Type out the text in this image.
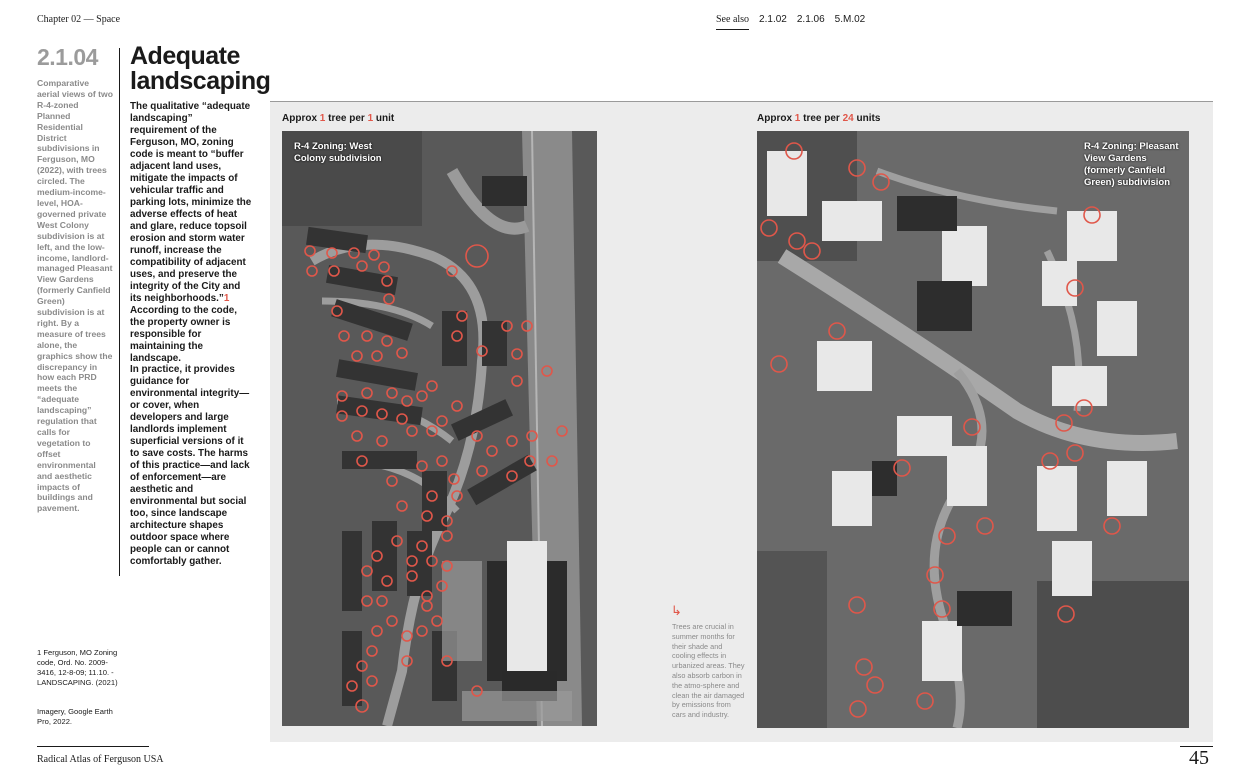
Chapter 02 — Space	See also 2.1.02 2.1.06 5.M.02
2.1.04
Comparative aerial views of two R-4-zoned Planned Residential District subdivisions in Ferguson, MO (2022), with trees circled. The medium-income-level, HOA-governed private West Colony subdivision is at left, and the low-income, landlord-managed Pleasant View Gardens (formerly Canfield Green) subdivision is at right. By a measure of trees alone, the graphics show the discrepancy in how each PRD meets the “adequate landscaping” regulation that calls for vegetation to offset environmental and aesthetic impacts of buildings and pavement.
Adequate landscaping
The qualitative “adequate landscaping” requirement of the Ferguson, MO, zoning code is meant to “buffer adjacent land uses, mitigate the impacts of vehicular traffic and parking lots, minimize the adverse effects of heat and glare, reduce topsoil erosion and storm water runoff, increase the compatibility of adjacent uses, and preserve the integrity of the City and its neighborhoods.”1 According to the code, the property owner is responsible for maintaining the landscape.
In practice, it provides guidance for environmental integrity—or cover, when developers and large landlords implement superficial versions of it to save costs. The harms of this practice—and lack of enforcement—are aesthetic and environmental but social too, since landscape architecture shapes outdoor space where people can or cannot comfortably gather.
1 Ferguson, MO Zoning code, Ord. No. 2009-3416, 12-8-09; 11.10. -LANDSCAPING. (2021)
Imagery, Google Earth Pro, 2022.
Radical Atlas of Ferguson USA	45
Approx 1 tree per 1 unit	Approx 1 tree per 24 units
R-4 Zoning: West Colony subdivision
↳
Trees are crucial in summer months for their shade and cooling effects in urbanized areas. They also absorb carbon in the atmo-sphere and clean the air damaged by emissions from cars and industry.
R-4 Zoning: Pleasant View Gardens (formerly Canfield Green) subdivision
